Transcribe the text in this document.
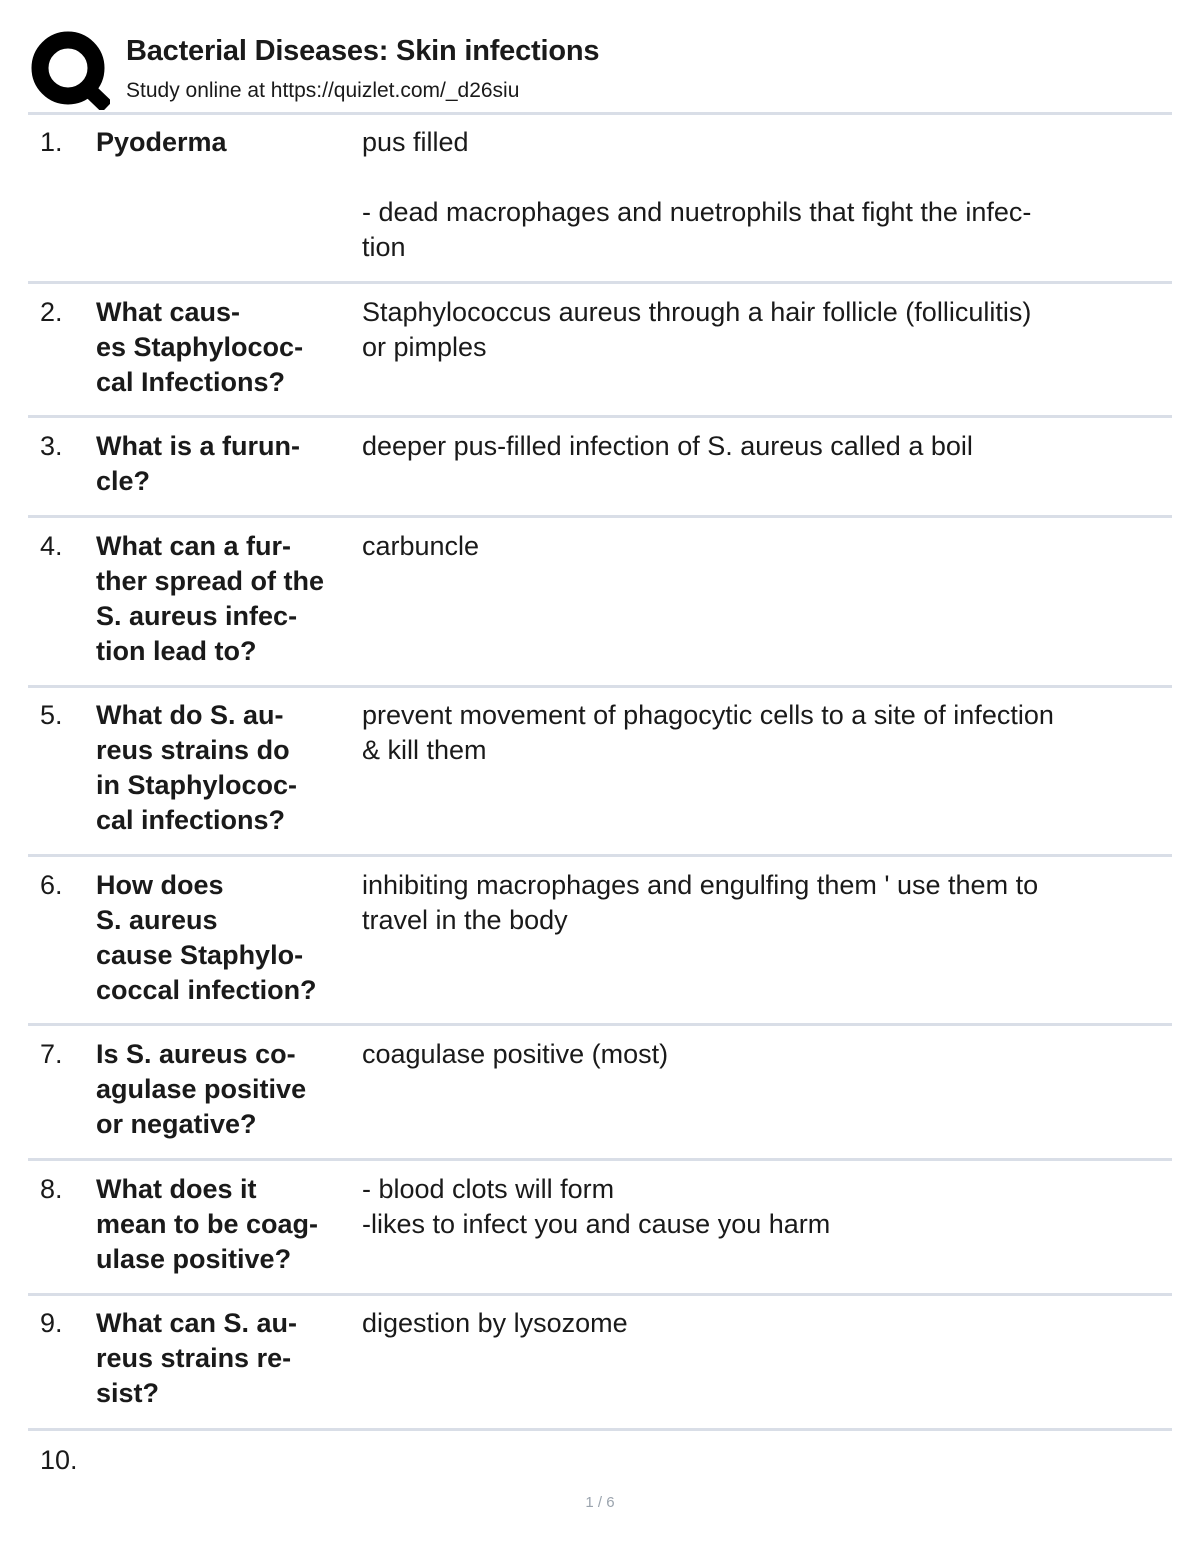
Bacterial Diseases: Skin infections
Study online at https://quizlet.com/_d26siu
1. Pyoderma	pus filled

- dead macrophages and nuetrophils that fight the infec-
tion
2. What caus-
es Staphylococ-
cal Infections?
Staphylococcus aureus through a hair follicle (folliculitis)
or pimples
3. What is a furun-
cle?
deeper pus-filled infection of S. aureus called a boil
4. What can a fur-
ther spread of the
S. aureus infec-
tion lead to?
carbuncle
5. What do S. au-
reus strains do
in Staphylococ-
cal infections?
prevent movement of phagocytic cells to a site of infection
& kill them
6. How does
S. aureus
cause Staphylo-
coccal infection?
inhibiting macrophages and engulfing them ' use them to
travel in the body
7. Is S. aureus co-
agulase positive
or negative?
coagulase positive (most)
8. What does it
mean to be coag-
ulase positive?
- blood clots will form
-likes to infect you and cause you harm
9. What can S. au-
reus strains re-
sist?
digestion by lysozome
10.
1 / 6
